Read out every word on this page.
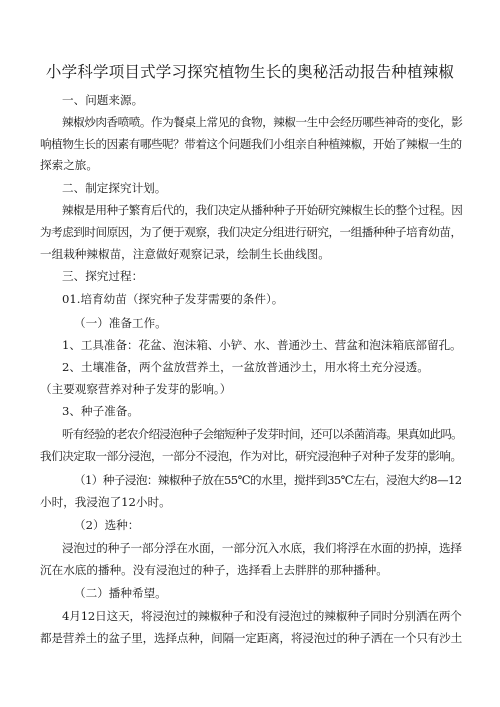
小学科学项目式学习探究植物生长的奥秘活动报告种植辣椒
一、问题来源。
辣椒炒肉香喷喷。作为餐桌上常见的食物，辣椒一生中会经历哪些神奇的变化，影
响植物生长的因素有哪些呢？带着这个问题我们小组亲自种植辣椒，开始了辣椒一生的
探索之旅。
二、制定探究计划。
辣椒是用种子繁育后代的，我们决定从播种种子开始研究辣椒生长的整个过程。因
为考虑到时间原因，为了便于观察，我们决定分组进行研究，一组播种种子培育幼苗，
一组栽种辣椒苗，注意做好观察记录，绘制生长曲线图。
三、探究过程：
01.培育幼苗（探究种子发芽需要的条件）。
（一）准备工作。
1、工具准备：花盆、泡沫箱、小铲、水、普通沙土、营盆和泡沫箱底部留孔。
2、土壤准备，两个盆放营养土，一盆放普通沙土，用水将土充分浸透。
（主要观察营养对种子发芽的影响。）
3、种子准备。
听有经验的老农介绍浸泡种子会缩短种子发芽时间，还可以杀菌消毒。果真如此吗。
我们决定取一部分浸泡，一部分不浸泡，作为对比，研究浸泡种子对种子发芽的影响。
（1）种子浸泡：辣椒种子放在55℃的水里，搅拌到35℃左右，浸泡大约8—12
小时，我浸泡了12小时。
（2）选种：
浸泡过的种子一部分浮在水面，一部分沉入水底，我们将浮在水面的扔掉，选择
沉在水底的播种。没有浸泡过的种子，选择看上去胖胖的那种播种。
（二）播种希望。
4月12日这天，将浸泡过的辣椒种子和没有浸泡过的辣椒种子同时分别洒在两个
都是营养土的盆子里，选择点种，间隔一定距离，将浸泡过的种子洒在一个只有沙土
